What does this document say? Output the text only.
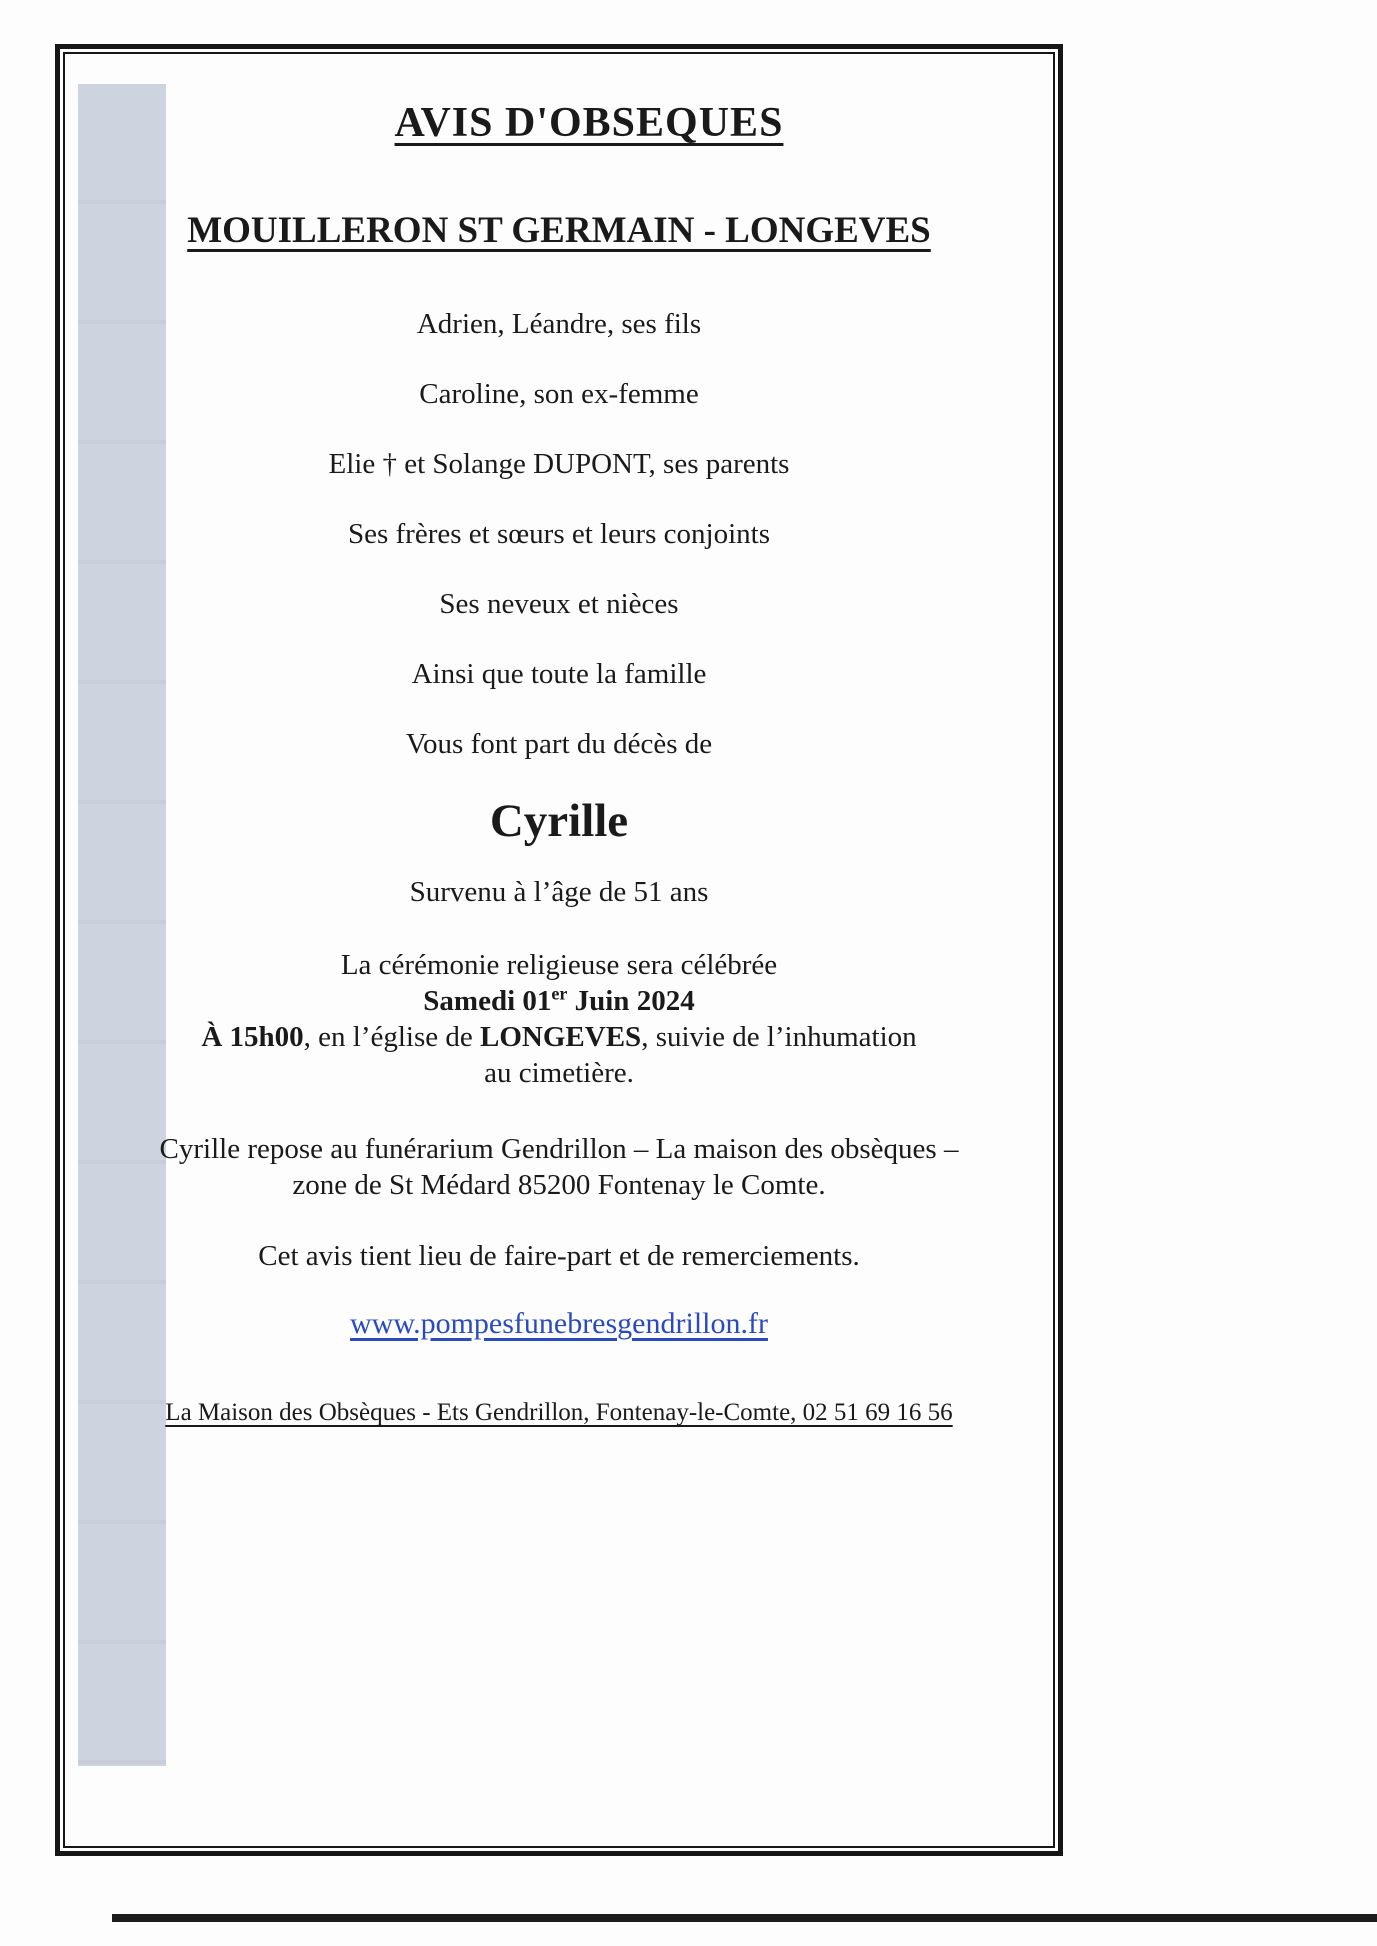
AVIS D'OBSEQUES
MOUILLERON ST GERMAIN - LONGEVES

Adrien, Léandre, ses fils

Caroline, son ex-femme

Elie † et Solange DUPONT, ses parents

Ses frères et sœurs et leurs conjoints

Ses neveux et nièces

Ainsi que toute la famille

Vous font part du décès de

Cyrille

Survenu à l’âge de 51 ans

La cérémonie religieuse sera célébrée
Samedi 01er Juin 2024
À 15h00, en l’église de LONGEVES, suivie de l’inhumation
au cimetière.
Cyrille repose au funérarium Gendrillon – La maison des obsèques –
zone de St Médard 85200 Fontenay le Comte.

Cet avis tient lieu de faire-part et de remerciements.

www.pompesfunebresgendrillon.fr
La Maison des Obsèques - Ets Gendrillon, Fontenay-le-Comte, 02 51 69 16 56
